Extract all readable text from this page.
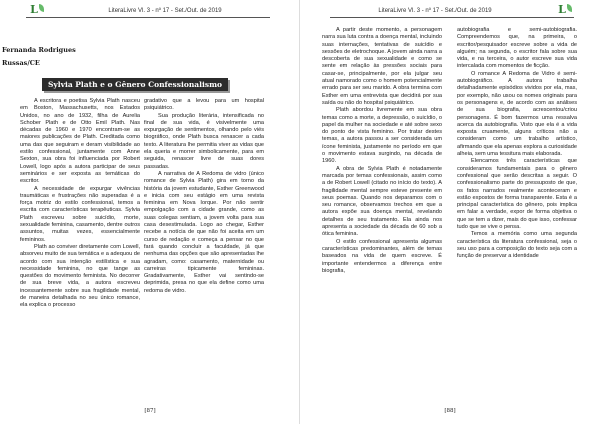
L	LiteraLivre Vl. 3 - nº 17 - Set./Out. de 2019
Fernanda Rodrigues
Russas/CE
Sylvia Plath e o Gênero Confessionalismo

A escritora e poetisa Sylvia Plath nasceu em Boston, Massachusetts, nos Estados Unidos, no ano de 1932, filha de Aurelia Schober Plath e de Otto Emil Plath. Nas décadas de 1960 e 1970 encontram-se as maiores publicações de Plath. Creditada como uma das que seguiram e deram visibilidade ao estilo confessional, juntamente com Anne Sexton, sua obra foi influenciada por Robert Lowell, logo após a autora participar de seus seminários e ser exposta as temáticas do escritor.

A necessidade de expurgar vivências traumáticas e frustrações não superadas é a força motriz do estilo confessional, temos a escrita com características terapêuticas. Sylvia Plath escreveu sobre suicídio, morte, sexualidade feminina, casamento, dentre outros assuntos, muitas vezes, essencialmente femininos.

Plath ao conviver diretamente com Lowell, absorveu muito de sua temática e a adequou de acordo com sua intenção estilística e sua necessidade feminina, no que tange as questões do movimento feminista. No decorrer de sua breve vida, a autora escreveu incessantemente sobre sua fragilidade mental, de maneira detalhada no seu único romance, ela explica o processo

gradativo que a levou para um hospital psiquiátrico.

Sua produção literária, intensificada no final de sua vida, é visivelmente uma expurgação de sentimentos, olhando pelo viés biográfico, onde Plath busca renascer a cada texto. A literatura lhe permitia viver as vidas que ela queria e morrer simbolicamente, para em seguida, renascer livre de suas dores passadas.

A narrativa de A Redoma de vidro (único romance de Sylvia Plath) gira em torno da história da jovem estudante, Esther Greenwood e inicia com seu estágio em uma revista feminina em Nova Iorque. Por não sentir empolgação com a cidade grande, como as suas colegas sentiam, a jovem volta para sua casa desestimulada. Logo ao chegar, Esther recebe a notícia de que não foi aceita em um curso de redação e começa a pensar no que fará quando concluir a faculdade, já que nenhuma das opções que são apresentadas lhe agradam, como: casamento, maternidade ou carreiras tipicamente femininas. Gradativamente, Esther vai sentindo-se deprimida, presa no que ela define como uma redoma de vidro.

[87]
LiteraLivre Vl. 3 - nº 17 - Set./Out. de 2019	L

A partir deste momento, a personagem narra sua luta contra a doença mental, incluindo suas internações, tentativas de suicídio e sessões de eletrochoque. A jovem ainda narra a descoberta de sua sexualidade e como se sente em relação às pressões sociais para casar-se, principalmente, por ela julgar seu atual namorado como o homem potencialmente errado para ser seu marido. A obra termina com Esther em uma entrevista que decidirá por sua saída ou não do hospital psiquiátrico.

Plath abordou livremente em sua obra temas como a morte, a depressão, o suicídio, o papel da mulher na sociedade e até sobre sexo do ponto de vista feminino. Por tratar destes temas, a autora passou a ser considerada um ícone feminista, justamente no período em que o movimento estava surgindo, na década de 1960.

A obra de Sylvia Plath é notadamente marcada por temas confessionais, assim como a de Robert Lowell (citado no início do texto). A fragilidade mental sempre esteve presente em seus poemas. Quando nos deparamos com o seu romance, observamos trechos em que a autora expõe sua doença mental, revelando detalhes de seu tratamento. Ela ainda nos apresenta a sociedade da década de 60 sob a ótica feminina.

O estilo confessional apresenta algumas características predominantes, além de temas baseados na vida de quem escreve. É importante entendermos a diferença entre biografia,

autobiografia e semi-autobiografia. Compreendemos que, na primeira, o escritor/pesquisador escreve sobre a vida de alguém; na segunda, o escritor fala sobre sua vida, e na terceira, o autor escreve sua vida intercalada com momentos de ficção.

O romance A Redoma de Vidro é semi-autobiográfico. A autora trabalha detalhadamente episódios vividos por ela, mas, por exemplo, não usou os nomes originais para os personagens e, de acordo com as análises de sua biografia, acrescentou/criou personagens. É bom fazermos uma ressalva acerca da autobiografia. Visto que ela é a vida exposta cruamente, alguns críticos não a consideram como um trabalho artístico, afirmando que ela apenas explora a curiosidade alheia, sem uma tessitura mais elaborada.

Elencamos três características que consideramos fundamentais para o gênero confessional que serão descritas a seguir. O confessionalismo parte do pressuposto de que, os fatos narrados realmente aconteceram e estão expostos de forma transparente. Esta é a principal característica do gênero, pois implica em falar a verdade, expor de forma objetiva o que se tem a dizer, mais do que isso, confessar tudo que se vive o pensa.

Temos a memória como uma segunda característica da literatura confessional, seja o seu uso para a composição do texto seja com a função de preservar a identidade

[88]
